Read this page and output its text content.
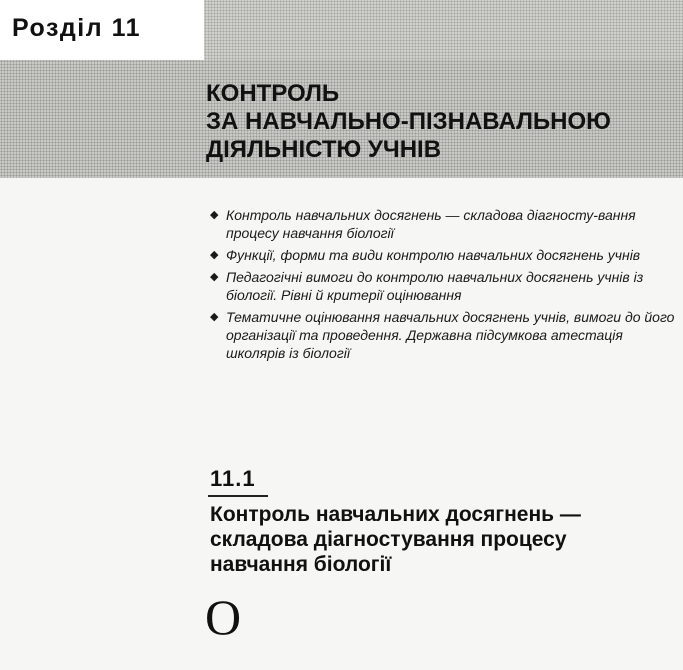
Розділ 11
КОНТРОЛЬ
ЗА НАВЧАЛЬНО-ПІЗНАВАЛЬНОЮ
ДІЯЛЬНІСТЮ УЧНІВ
◆ Контроль навчальних досягнень — складова діагносту-вання процесу навчання біології
◆ Функції, форми та види контролю навчальних досягнень учнів
◆ Педагогічні вимоги до контролю навчальних досягнень учнів із біології. Рівні й критерії оцінювання
◆ Тематичне оцінювання навчальних досягнень учнів, вимоги до його організації та проведення. Державна підсумкова атестація школярів із біології
11.1
Контроль навчальних досягнень — складова діагностування процесу навчання біології
О
